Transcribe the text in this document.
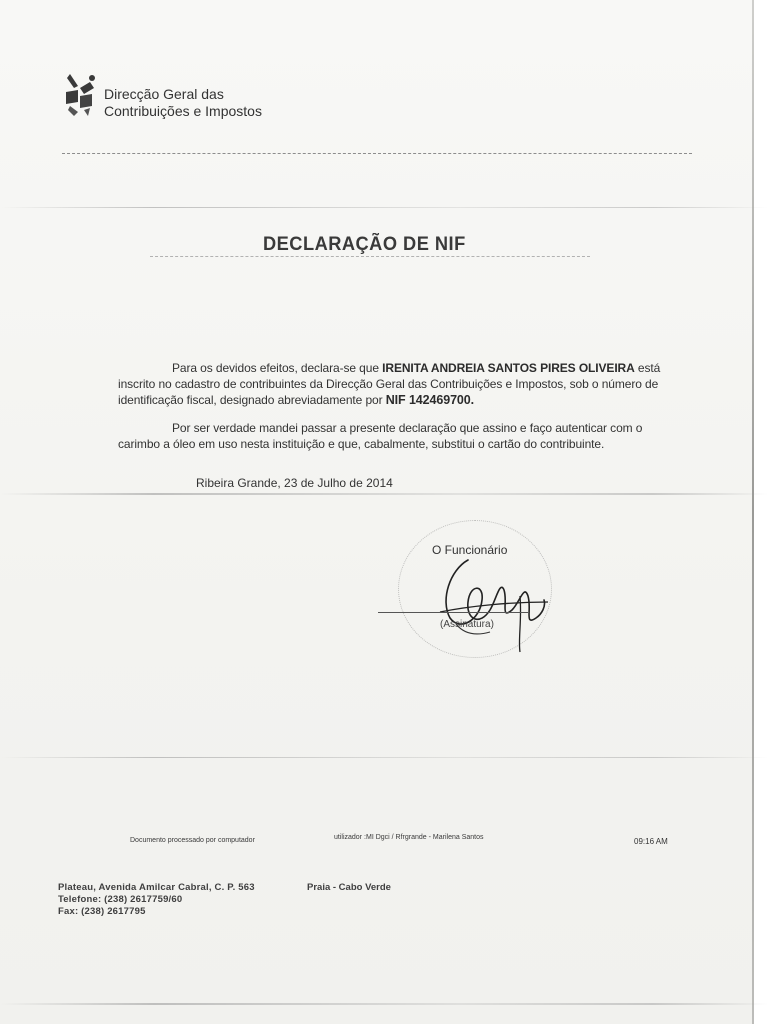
Direcção Geral das
Contribuições e Impostos
DECLARAÇÃO DE NIF
Para os devidos efeitos, declara-se que IRENITA ANDREIA SANTOS PIRES OLIVEIRA está inscrito no cadastro de contribuintes da Direcção Geral das Contribuições e Impostos, sob o número de identificação fiscal, designado abreviadamente por NIF 142469700.
Por ser verdade mandei passar a presente declaração que assino e faço autenticar com o carimbo a óleo em uso nesta instituição e que, cabalmente, substitui o cartão do contribuinte.
Ribeira Grande, 23 de Julho de 2014
O Funcionário
(Assinatura)
Documento processado por computador	utilizador : MI Dgci / Rfrgrande - Marilena Santos	09:16 AM
Plateau, Avenida Amilcar Cabral, C. P. 563
Telefone: (238) 2617759/60
Fax: (238) 2617795
Praia - Cabo Verde
